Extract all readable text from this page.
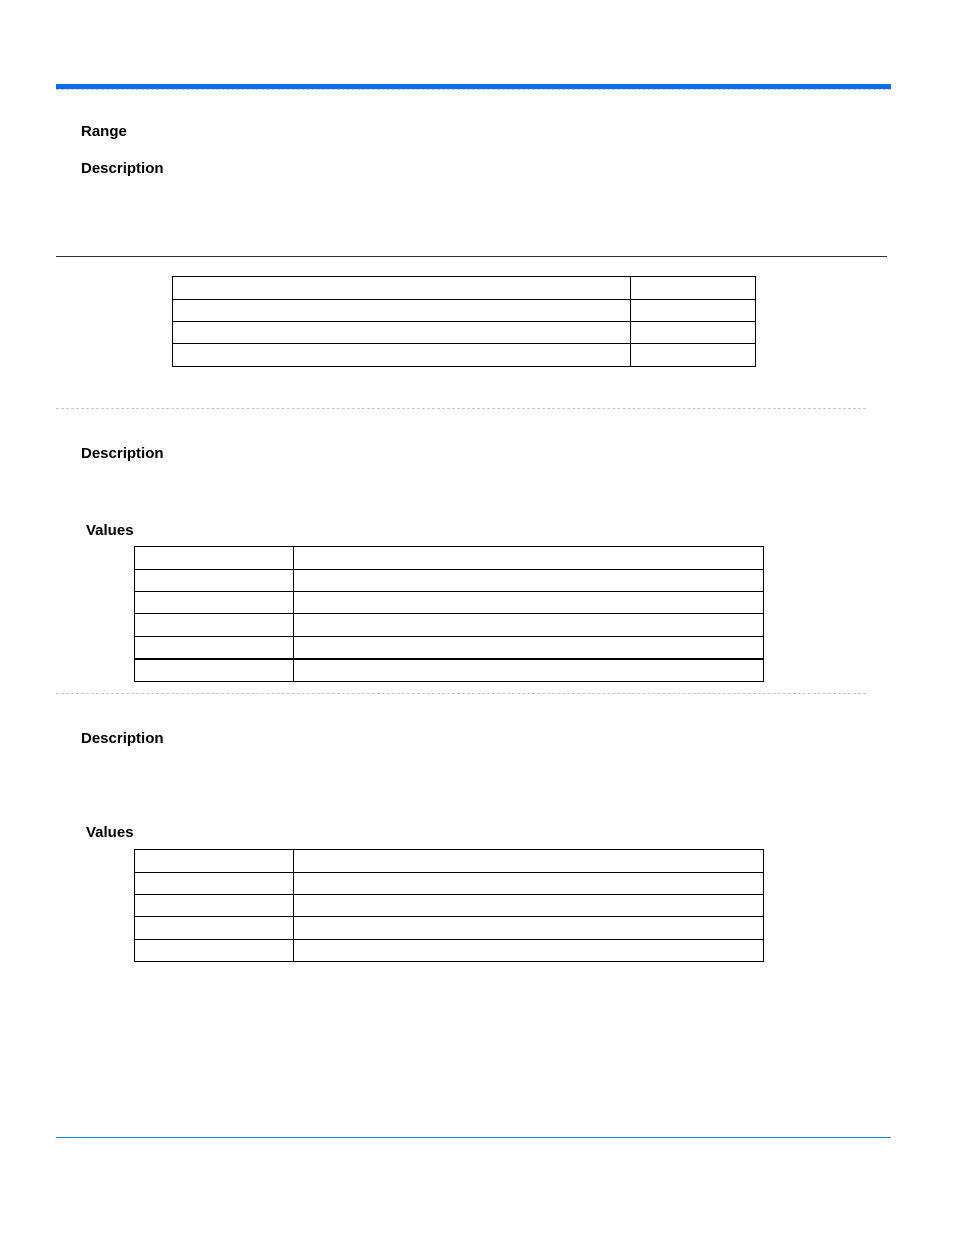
Range
Description

Description
Values

Description
Values
